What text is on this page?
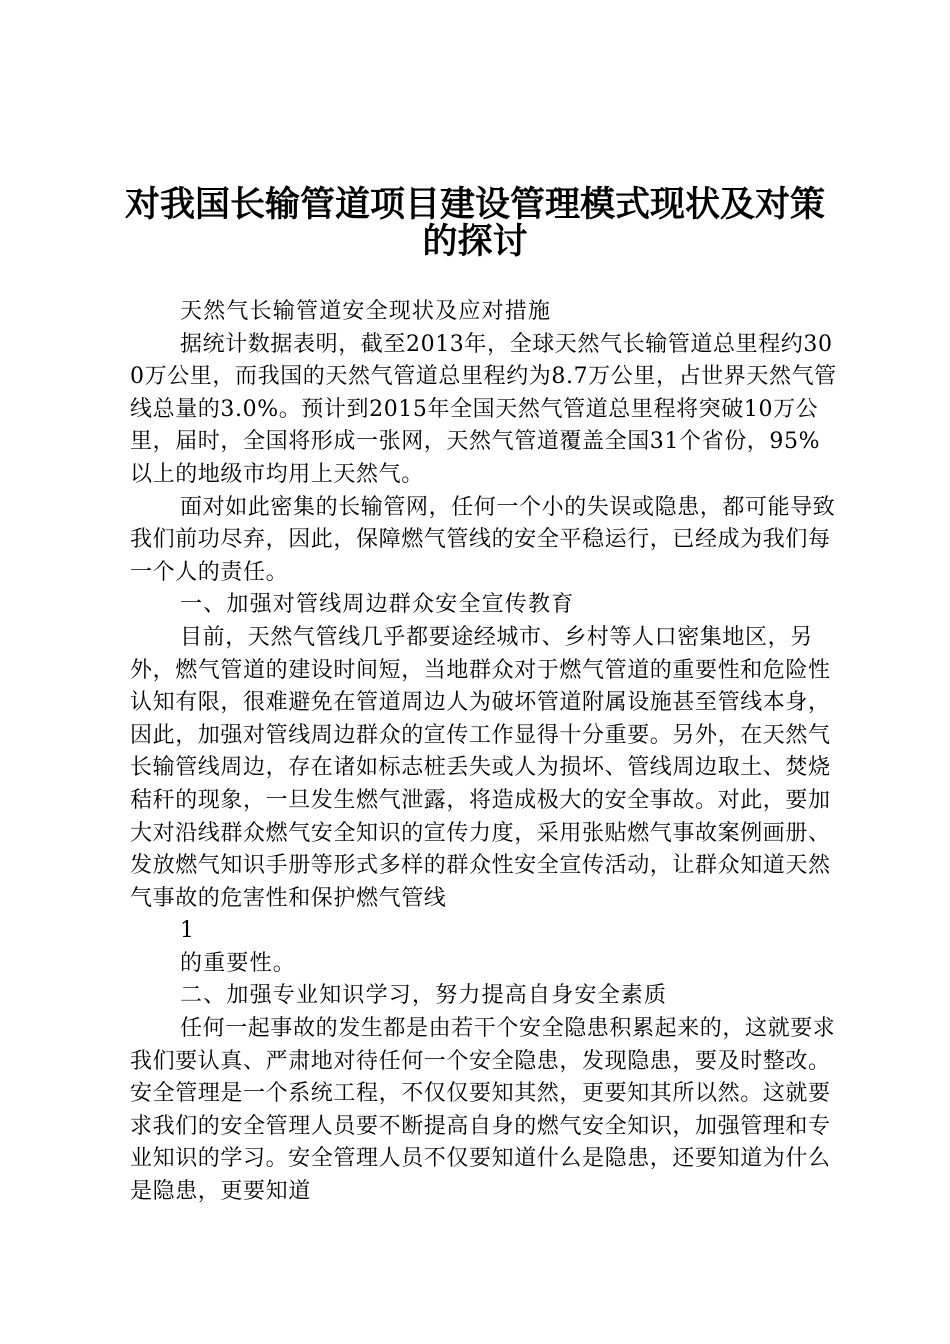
对我国长输管道项目建设管理模式现状及对策
的探讨

天然气长输管道安全现状及应对措施

据统计数据表明，截至2013年，全球天然气长输管道总里程约300万公里，而我国的天然气管道总里程约为8.7万公里，占世界天然气管线总量的3.0%。预计到2015年全国天然气管道总里程将突破10万公里，届时，全国将形成一张网，天然气管道覆盖全国31个省份，95%以上的地级市均用上天然气。

面对如此密集的长输管网，任何一个小的失误或隐患，都可能导致我们前功尽弃，因此，保障燃气管线的安全平稳运行，已经成为我们每一个人的责任。

一、加强对管线周边群众安全宣传教育

目前，天然气管线几乎都要途经城市、乡村等人口密集地区，另外，燃气管道的建设时间短，当地群众对于燃气管道的重要性和危险性认知有限，很难避免在管道周边人为破坏管道附属设施甚至管线本身，因此，加强对管线周边群众的宣传工作显得十分重要。另外，在天然气长输管线周边，存在诸如标志桩丢失或人为损坏、管线周边取土、焚烧秸秆的现象，一旦发生燃气泄露，将造成极大的安全事故。对此，要加大对沿线群众燃气安全知识的宣传力度，采用张贴燃气事故案例画册、发放燃气知识手册等形式多样的群众性安全宣传活动，让群众知道天然气事故的危害性和保护燃气管线

1

的重要性。

二、加强专业知识学习，努力提高自身安全素质

任何一起事故的发生都是由若干个安全隐患积累起来的，这就要求我们要认真、严肃地对待任何一个安全隐患，发现隐患，要及时整改。安全管理是一个系统工程，不仅仅要知其然，更要知其所以然。这就要求我们的安全管理人员要不断提高自身的燃气安全知识，加强管理和专业知识的学习。安全管理人员不仅要知道什么是隐患，还要知道为什么是隐患，更要知道
